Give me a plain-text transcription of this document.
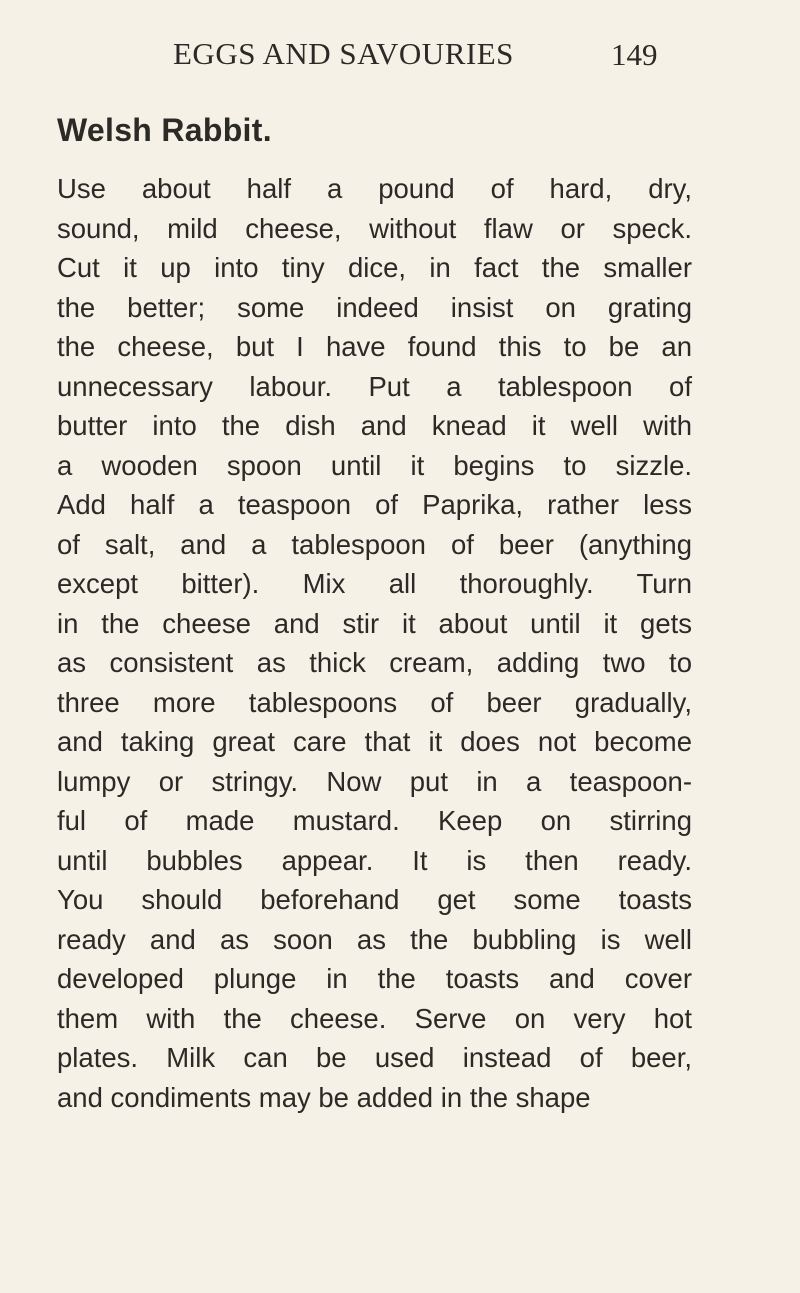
EGGS AND SAVOURIES	149
Welsh Rabbit.
Use about half a pound of hard, dry,
sound, mild cheese, without flaw or speck.
Cut it up into tiny dice, in fact the smaller
the better; some indeed insist on grating
the cheese, but I have found this to be an
unnecessary labour. Put a tablespoon of
butter into the dish and knead it well with
a wooden spoon until it begins to sizzle.
Add half a teaspoon of Paprika, rather less
of salt, and a tablespoon of beer (anything
except bitter). Mix all thoroughly. Turn
in the cheese and stir it about until it gets
as consistent as thick cream, adding two to
three more tablespoons of beer gradually,
and taking great care that it does not become
lumpy or stringy. Now put in a teaspoon-
ful of made mustard. Keep on stirring
until bubbles appear. It is then ready.
You should beforehand get some toasts
ready and as soon as the bubbling is well
developed plunge in the toasts and cover
them with the cheese. Serve on very hot
plates. Milk can be used instead of beer,
and condiments may be added in the shape
